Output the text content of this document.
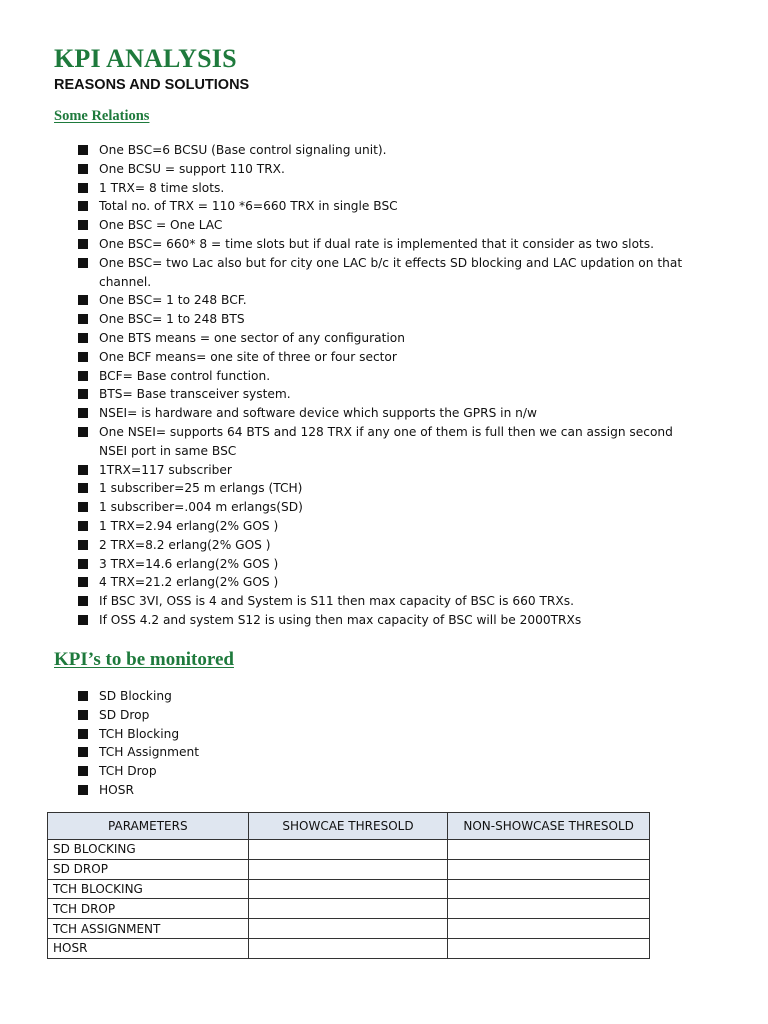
KPI ANALYSIS
REASONS AND SOLUTIONS
Some Relations
One BSC=6 BCSU (Base control signaling unit).
One BCSU = support 110 TRX.
1 TRX= 8 time slots.
Total no. of TRX = 110 *6=660 TRX in single BSC
One BSC = One LAC
One BSC= 660* 8 = time slots but if dual rate is implemented that it consider as two slots.
One BSC= two Lac also but for city one LAC b/c it effects SD blocking and LAC updation on that channel.
One BSC= 1 to 248 BCF.
One BSC= 1 to 248 BTS
One BTS means = one sector of any configuration
One BCF means= one site of three or four sector
BCF= Base control function.
BTS= Base transceiver system.
NSEI= is hardware and software device which supports the GPRS in n/w
One NSEI= supports 64 BTS and 128 TRX if any one of them is full then we can assign second NSEI port in same BSC
1TRX=117 subscriber
1 subscriber=25 m erlangs (TCH)
1 subscriber=.004 m erlangs(SD)
1 TRX=2.94 erlang(2% GOS )
2 TRX=8.2 erlang(2% GOS )
3 TRX=14.6 erlang(2% GOS )
4 TRX=21.2 erlang(2% GOS )
If BSC 3VI, OSS is 4 and System is S11 then max capacity of BSC is 660 TRXs.
If OSS 4.2 and system S12 is using then max capacity of BSC will be 2000TRXs
KPI’s to be monitored
SD Blocking
SD Drop
TCH Blocking
TCH Assignment
TCH Drop
HOSR
PARAMETERS	SHOWCAE THRESOLD	NON-SHOWCASE THRESOLD
SD BLOCKING		
SD DROP		
TCH BLOCKING		
TCH DROP		
TCH ASSIGNMENT		
HOSR		
